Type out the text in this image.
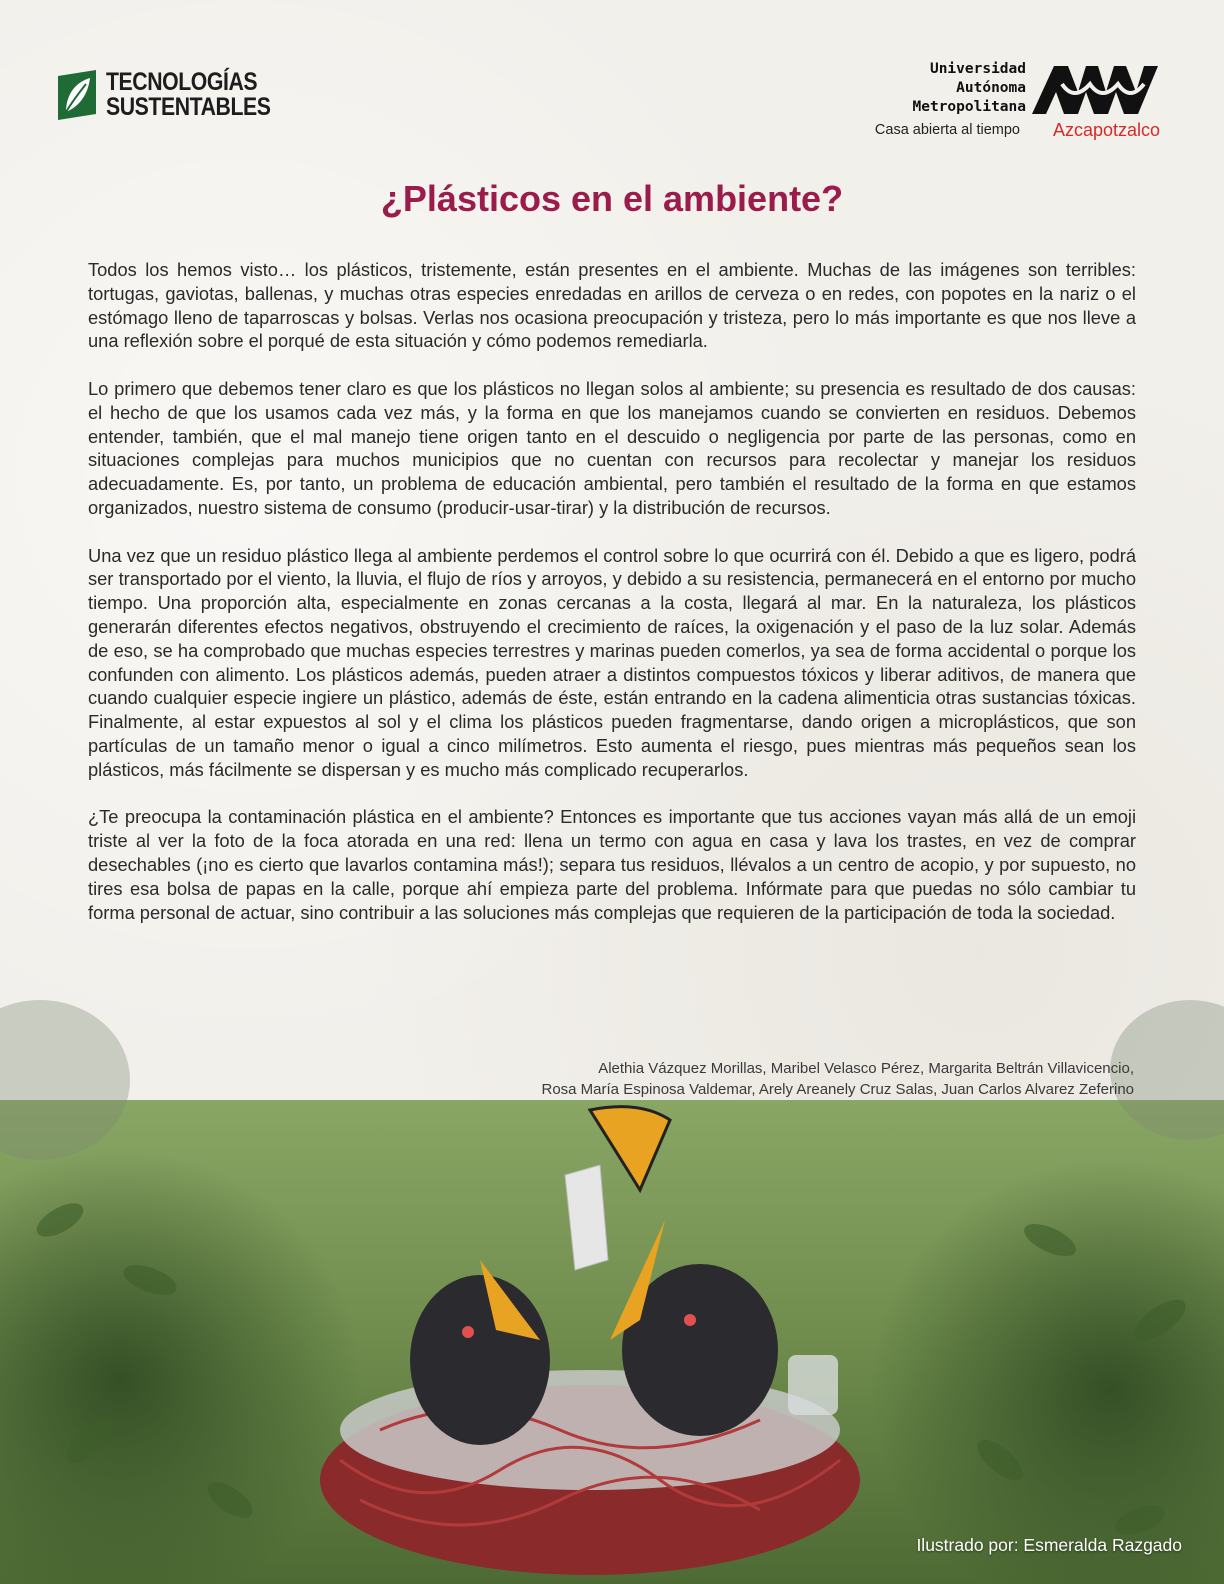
TECNOLOGÍAS
SUSTENTABLES
Universidad
Autónoma
Metropolitana
Casa abierta al tiempo Azcapotzalco
¿Plásticos en el ambiente?

Todos los hemos visto… los plásticos, tristemente, están presentes en el ambiente. Muchas de las imágenes son terribles: tortugas, gaviotas, ballenas, y muchas otras especies enredadas en arillos de cerveza o en redes, con popotes en la nariz o el estómago lleno de taparroscas y bolsas. Verlas nos ocasiona preocupación y tristeza, pero lo más importante es que nos lleve a una reflexión sobre el porqué de esta situación y cómo podemos remediarla.

Lo primero que debemos tener claro es que los plásticos no llegan solos al ambiente; su presencia es resultado de dos causas: el hecho de que los usamos cada vez más, y la forma en que los manejamos cuando se convierten en residuos. Debemos entender, también, que el mal manejo tiene origen tanto en el descuido o negligencia por parte de las personas, como en situaciones complejas para muchos municipios que no cuentan con recursos para recolectar y manejar los residuos adecuadamente. Es, por tanto, un problema de educación ambiental, pero también el resultado de la forma en que estamos organizados, nuestro sistema de consumo (producir-usar-tirar) y la distribución de recursos.

Una vez que un residuo plástico llega al ambiente perdemos el control sobre lo que ocurrirá con él. Debido a que es ligero, podrá ser transportado por el viento, la lluvia, el flujo de ríos y arroyos, y debido a su resistencia, permanecerá en el entorno por mucho tiempo. Una proporción alta, especialmente en zonas cercanas a la costa, llegará al mar. En la naturaleza, los plásticos generarán diferentes efectos negativos, obstruyendo el crecimiento de raíces, la oxigenación y el paso de la luz solar. Además de eso, se ha comprobado que muchas especies terrestres y marinas pueden comerlos, ya sea de forma accidental o porque los confunden con alimento. Los plásticos además, pueden atraer a distintos compuestos tóxicos y liberar aditivos, de manera que cuando cualquier especie ingiere un plástico, además de éste, están entrando en la cadena alimenticia otras sustancias tóxicas. Finalmente, al estar expuestos al sol y el clima los plásticos pueden fragmentarse, dando origen a microplásticos, que son partículas de un tamaño menor o igual a cinco milímetros. Esto aumenta el riesgo, pues mientras más pequeños sean los plásticos, más fácilmente se dispersan y es mucho más complicado recuperarlos.

¿Te preocupa la contaminación plástica en el ambiente? Entonces es importante que tus acciones vayan más allá de un emoji triste al ver la foto de la foca atorada en una red: llena un termo con agua en casa y lava los trastes, en vez de comprar desechables (¡no es cierto que lavarlos contamina más!); separa tus residuos, llévalos a un centro de acopio, y por supuesto, no tires esa bolsa de papas en la calle, porque ahí empieza parte del problema. Infórmate para que puedas no sólo cambiar tu forma personal de actuar, sino contribuir a las soluciones más complejas que requieren de la participación de toda la sociedad.

Alethia Vázquez Morillas, Maribel Velasco Pérez, Margarita Beltrán Villavicencio,
Rosa María Espinosa Valdemar, Arely Areanely Cruz Salas, Juan Carlos Alvarez Zeferino
Ilustrado por: Esmeralda Razgado
